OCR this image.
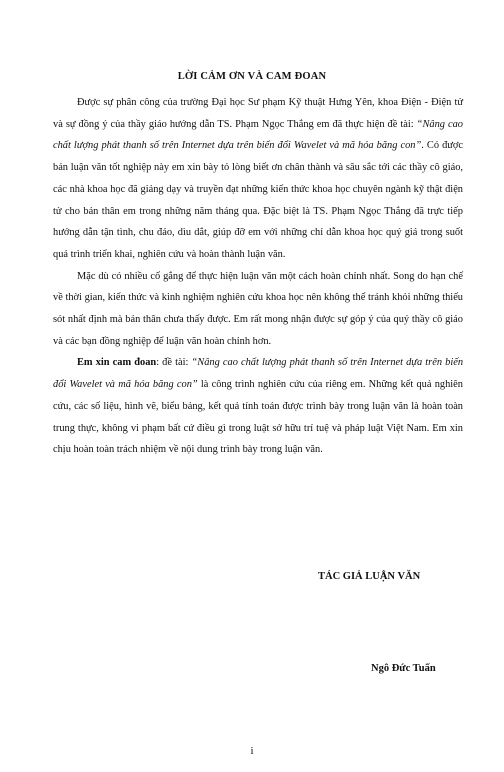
LỜI CẢM ƠN VÀ CAM ĐOAN

Được sự phân công của trường Đại học Sư phạm Kỹ thuật Hưng Yên, khoa Điện - Điện tử và sự đồng ý của thầy giáo hướng dẫn TS. Phạm Ngọc Thắng em đã thực hiện đề tài: “Nâng cao chất lượng phát thanh số trên Internet dựa trên biến đổi Wavelet và mã hóa băng con”. Có được bản luận văn tốt nghiệp này em xin bày tỏ lòng biết ơn chân thành và sâu sắc tới các thầy cô giáo, các nhà khoa học đã giảng dạy và truyền đạt những kiến thức khoa học chuyên ngành kỹ thật điện tử cho bản thân em trong những năm tháng qua. Đặc biệt là TS. Phạm Ngọc Thắng đã trực tiếp hướng dẫn tận tình, chu đáo, dìu dắt, giúp đỡ em với những chỉ dẫn khoa học quý giá trong suốt quá trình triển khai, nghiên cứu và hoàn thành luận văn.

Mặc dù có nhiều cố gắng để thực hiện luận văn một cách hoàn chỉnh nhất. Song do hạn chế về thời gian, kiến thức và kinh nghiệm nghiên cứu khoa học nên không thể tránh khỏi những thiếu sót nhất định mà bản thân chưa thấy được. Em rất mong nhận được sự góp ý của quý thầy cô giáo và các bạn đồng nghiệp để luận văn hoàn chỉnh hơn.

Em xin cam đoan: đề tài: “Nâng cao chất lượng phát thanh số trên Internet dựa trên biến đổi Wavelet và mã hóa băng con” là công trình nghiên cứu của riêng em. Những kết quả nghiên cứu, các số liệu, hình vẽ, biểu bảng, kết quả tính toán được trình bày trong luận văn là hoàn toàn trung thực, không vi phạm bất cứ điều gì trong luật sở hữu trí tuệ và pháp luật Việt Nam. Em xin chịu hoàn toàn trách nhiệm về nội dung trình bày trong luận văn.

TÁC GIẢ LUẬN VĂN
Ngô Đức Tuấn
i
